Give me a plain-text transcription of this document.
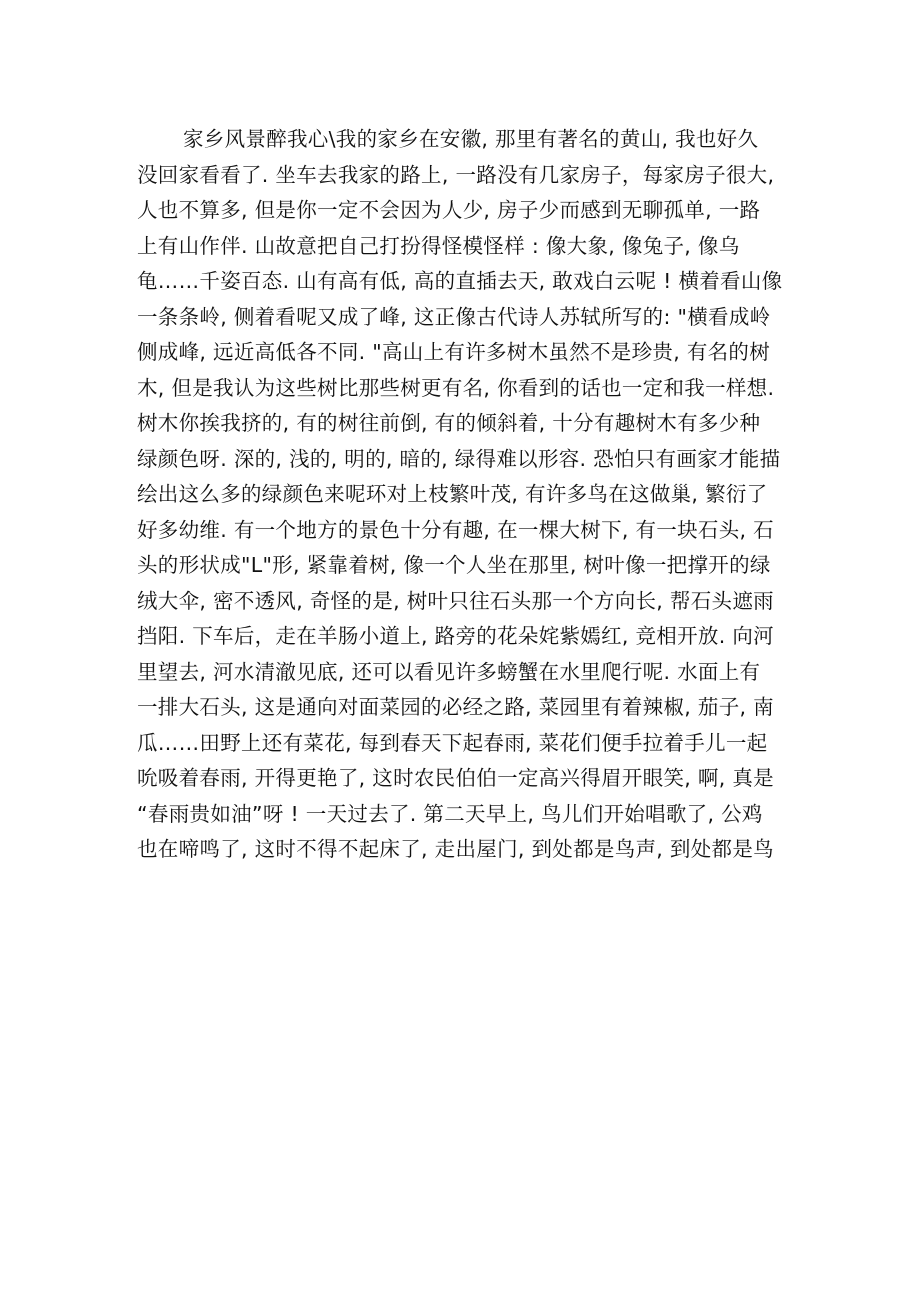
家乡风景醉我心\我的家乡在安徽, 那里有著名的黄山, 我也好久
没回家看看了. 坐车去我家的路上, 一路没有几家房子，每家房子很大,
人也不算多, 但是你一定不会因为人少, 房子少而感到无聊孤单, 一路
上有山作伴. 山故意把自己打扮得怪模怪样 : 像大象, 像兔子, 像乌
龟……千姿百态. 山有高有低, 高的直插去天, 敢戏白云呢 ! 横着看山像
一条条岭, 侧着看呢又成了峰, 这正像古代诗人苏轼所写的: "横看成岭
侧成峰, 远近高低各不同. "高山上有许多树木虽然不是珍贵, 有名的树
木, 但是我认为这些树比那些树更有名, 你看到的话也一定和我一样想.
树木你挨我挤的, 有的树往前倒, 有的倾斜着, 十分有趣树木有多少种
绿颜色呀. 深的, 浅的, 明的, 暗的, 绿得难以形容. 恐怕只有画家才能描
绘出这么多的绿颜色来呢环对上枝繁叶茂, 有许多鸟在这做巢, 繁衍了
好多幼维. 有一个地方的景色十分有趣, 在一棵大树下, 有一块石头, 石
头的形状成"L"形, 紧靠着树, 像一个人坐在那里, 树叶像一把撑开的绿
绒大伞, 密不透风, 奇怪的是, 树叶只往石头那一个方向长, 帮石头遮雨
挡阳. 下车后，走在羊肠小道上, 路旁的花朵姹紫嫣红, 竞相开放. 向河
里望去, 河水清澈见底, 还可以看见许多螃蟹在水里爬行呢. 水面上有
一排大石头, 这是通向对面菜园的必经之路, 菜园里有着辣椒, 茄子, 南
瓜……田野上还有菜花, 每到春天下起春雨, 菜花们便手拉着手儿一起
吮吸着春雨, 开得更艳了, 这时农民伯伯一定高兴得眉开眼笑, 啊, 真是
“春雨贵如油”呀 ! 一天过去了. 第二天早上, 鸟儿们开始唱歌了, 公鸡
也在啼鸣了, 这时不得不起床了, 走出屋门, 到处都是鸟声, 到处都是鸟
